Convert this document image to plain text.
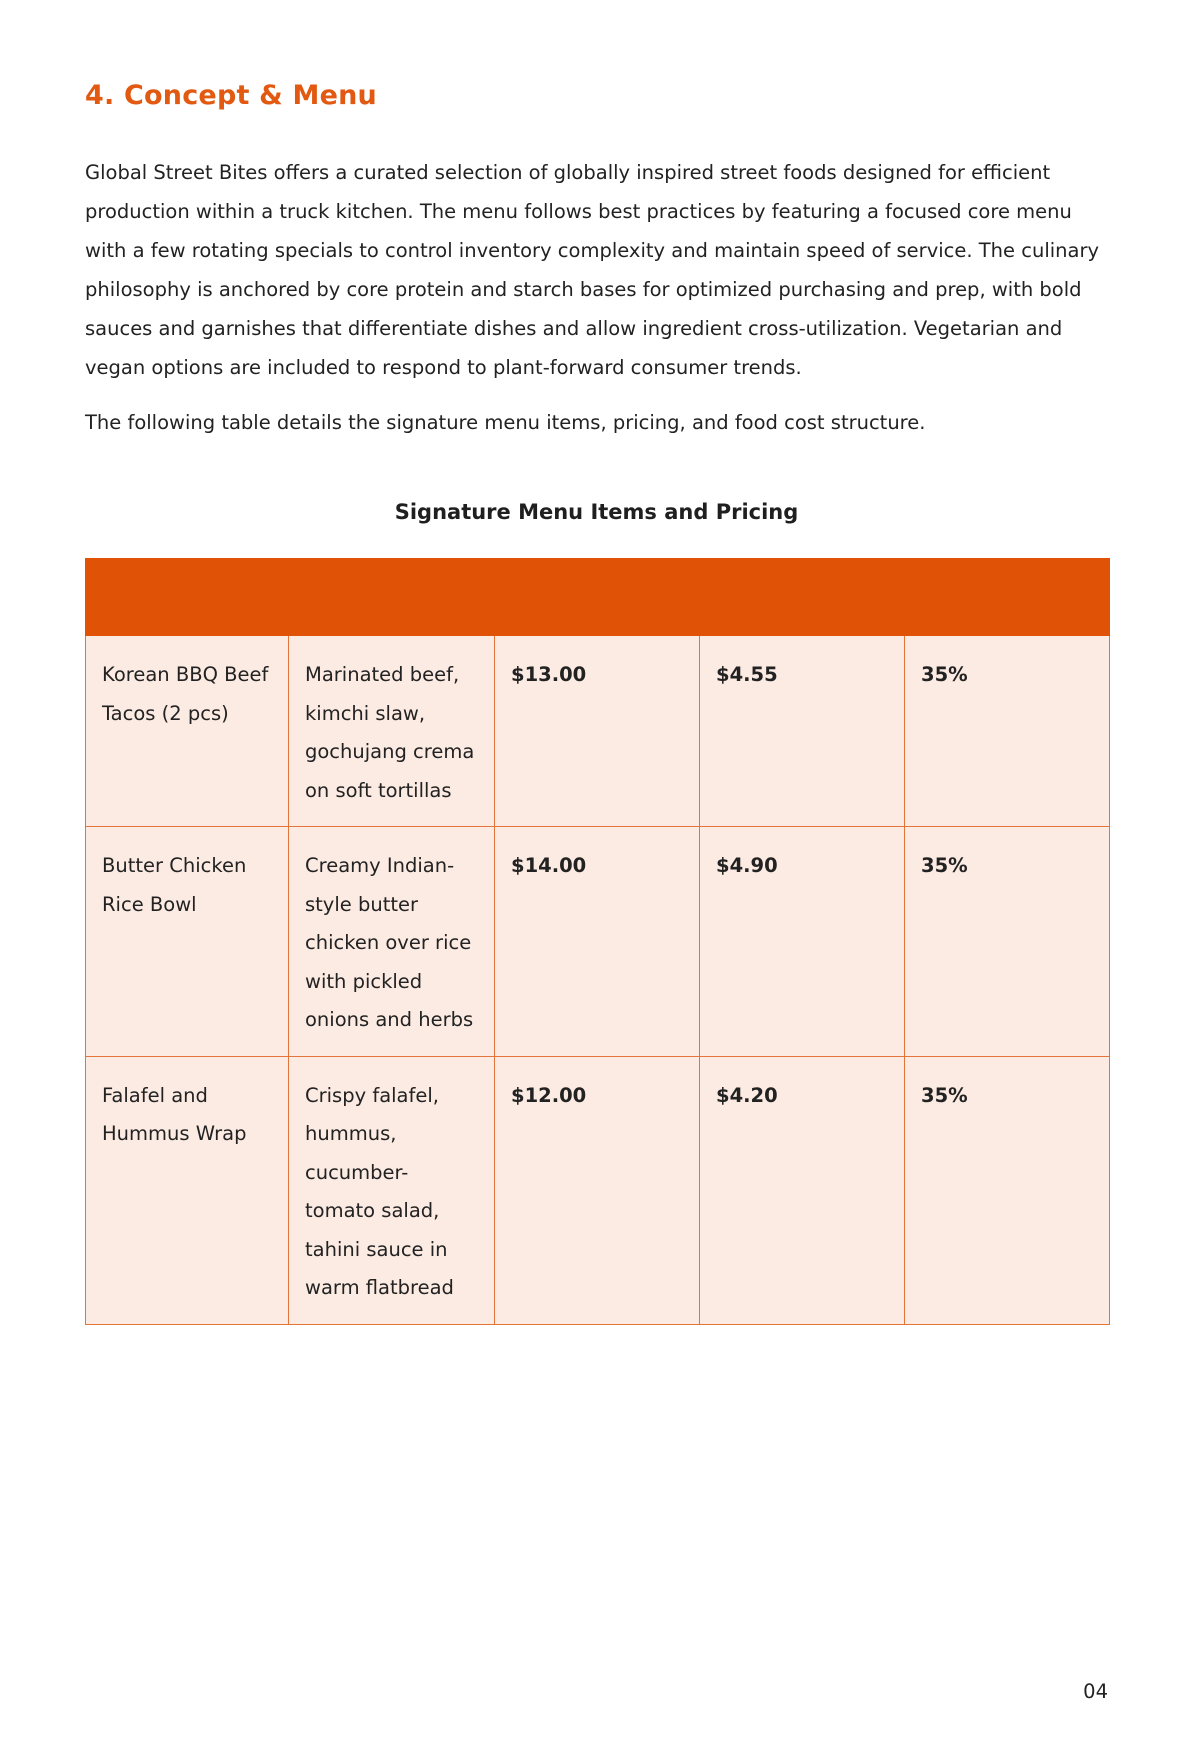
4. Concept & Menu

Global Street Bites offers a curated selection of globally inspired street foods designed for efficient production within a truck kitchen. The menu follows best practices by featuring a focused core menu with a few rotating specials to control inventory complexity and maintain speed of service. The culinary philosophy is anchored by core protein and starch bases for optimized purchasing and prep, with bold sauces and garnishes that differentiate dishes and allow ingredient cross-utilization. Vegetarian and vegan options are included to respond to plant-forward consumer trends.

The following table details the signature menu items, pricing, and food cost structure.

Signature Menu Items and Pricing

Korean BBQ Beef Tacos (2 pcs)	Marinated beef, kimchi slaw, gochujang crema on soft tortillas	$13.00	$4.55	35%
Butter Chicken Rice Bowl	Creamy Indian-style butter chicken over rice with pickled onions and herbs	$14.00	$4.90	35%
Falafel and Hummus Wrap	Crispy falafel, hummus, cucumber-tomato salad, tahini sauce in warm flatbread	$12.00	$4.20	35%
04
